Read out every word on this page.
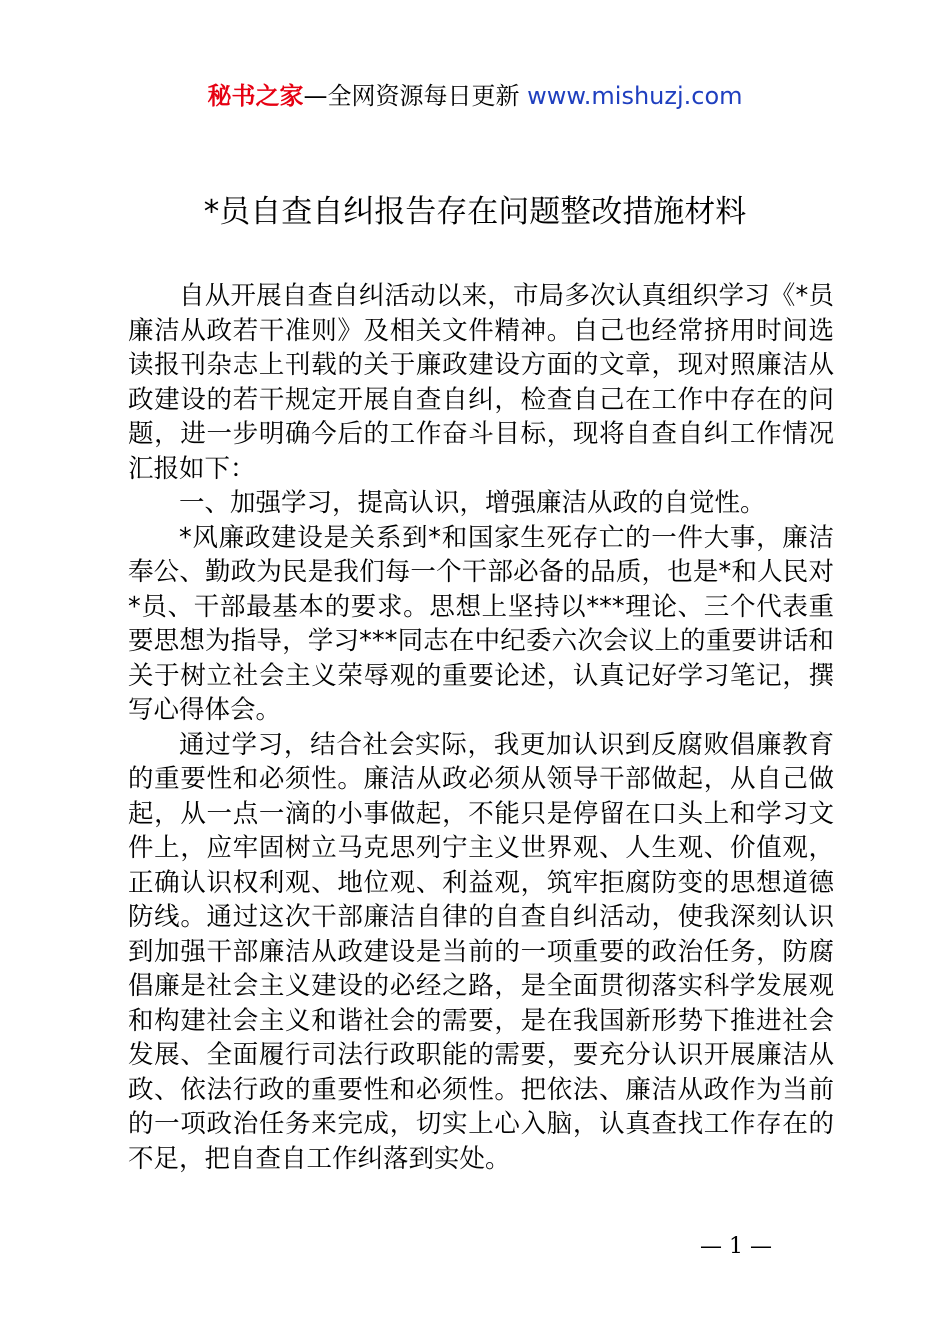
秘书之家—全网资源每日更新 www.mishuzj.com
*员自查自纠报告存在问题整改措施材料

自从开展自查自纠活动以来，市局多次认真组织学习《*员廉洁从政若干准则》及相关文件精神。自己也经常挤用时间选读报刊杂志上刊载的关于廉政建设方面的文章，现对照廉洁从政建设的若干规定开展自查自纠，检查自己在工作中存在的问题，进一步明确今后的工作奋斗目标，现将自查自纠工作情况汇报如下：

一、加强学习，提高认识，增强廉洁从政的自觉性。

*风廉政建设是关系到*和国家生死存亡的一件大事，廉洁奉公、勤政为民是我们每一个干部必备的品质，也是*和人民对*员、干部最基本的要求。思想上坚持以***理论、三个代表重要思想为指导，学习***同志在中纪委六次会议上的重要讲话和关于树立社会主义荣辱观的重要论述，认真记好学习笔记，撰写心得体会。

通过学习，结合社会实际，我更加认识到反腐败倡廉教育的重要性和必须性。廉洁从政必须从领导干部做起，从自己做起，从一点一滴的小事做起，不能只是停留在口头上和学习文件上，应牢固树立马克思列宁主义世界观、人生观、价值观，正确认识权利观、地位观、利益观，筑牢拒腐防变的思想道德防线。通过这次干部廉洁自律的自查自纠活动，使我深刻认识到加强干部廉洁从政建设是当前的一项重要的政治任务，防腐倡廉是社会主义建设的必经之路，是全面贯彻落实科学发展观和构建社会主义和谐社会的需要，是在我国新形势下推进社会发展、全面履行司法行政职能的需要，要充分认识开展廉洁从政、依法行政的重要性和必须性。把依法、廉洁从政作为当前的一项政治任务来完成，切实上心入脑，认真查找工作存在的不足，把自查自工作纠落到实处。

— 1 —
